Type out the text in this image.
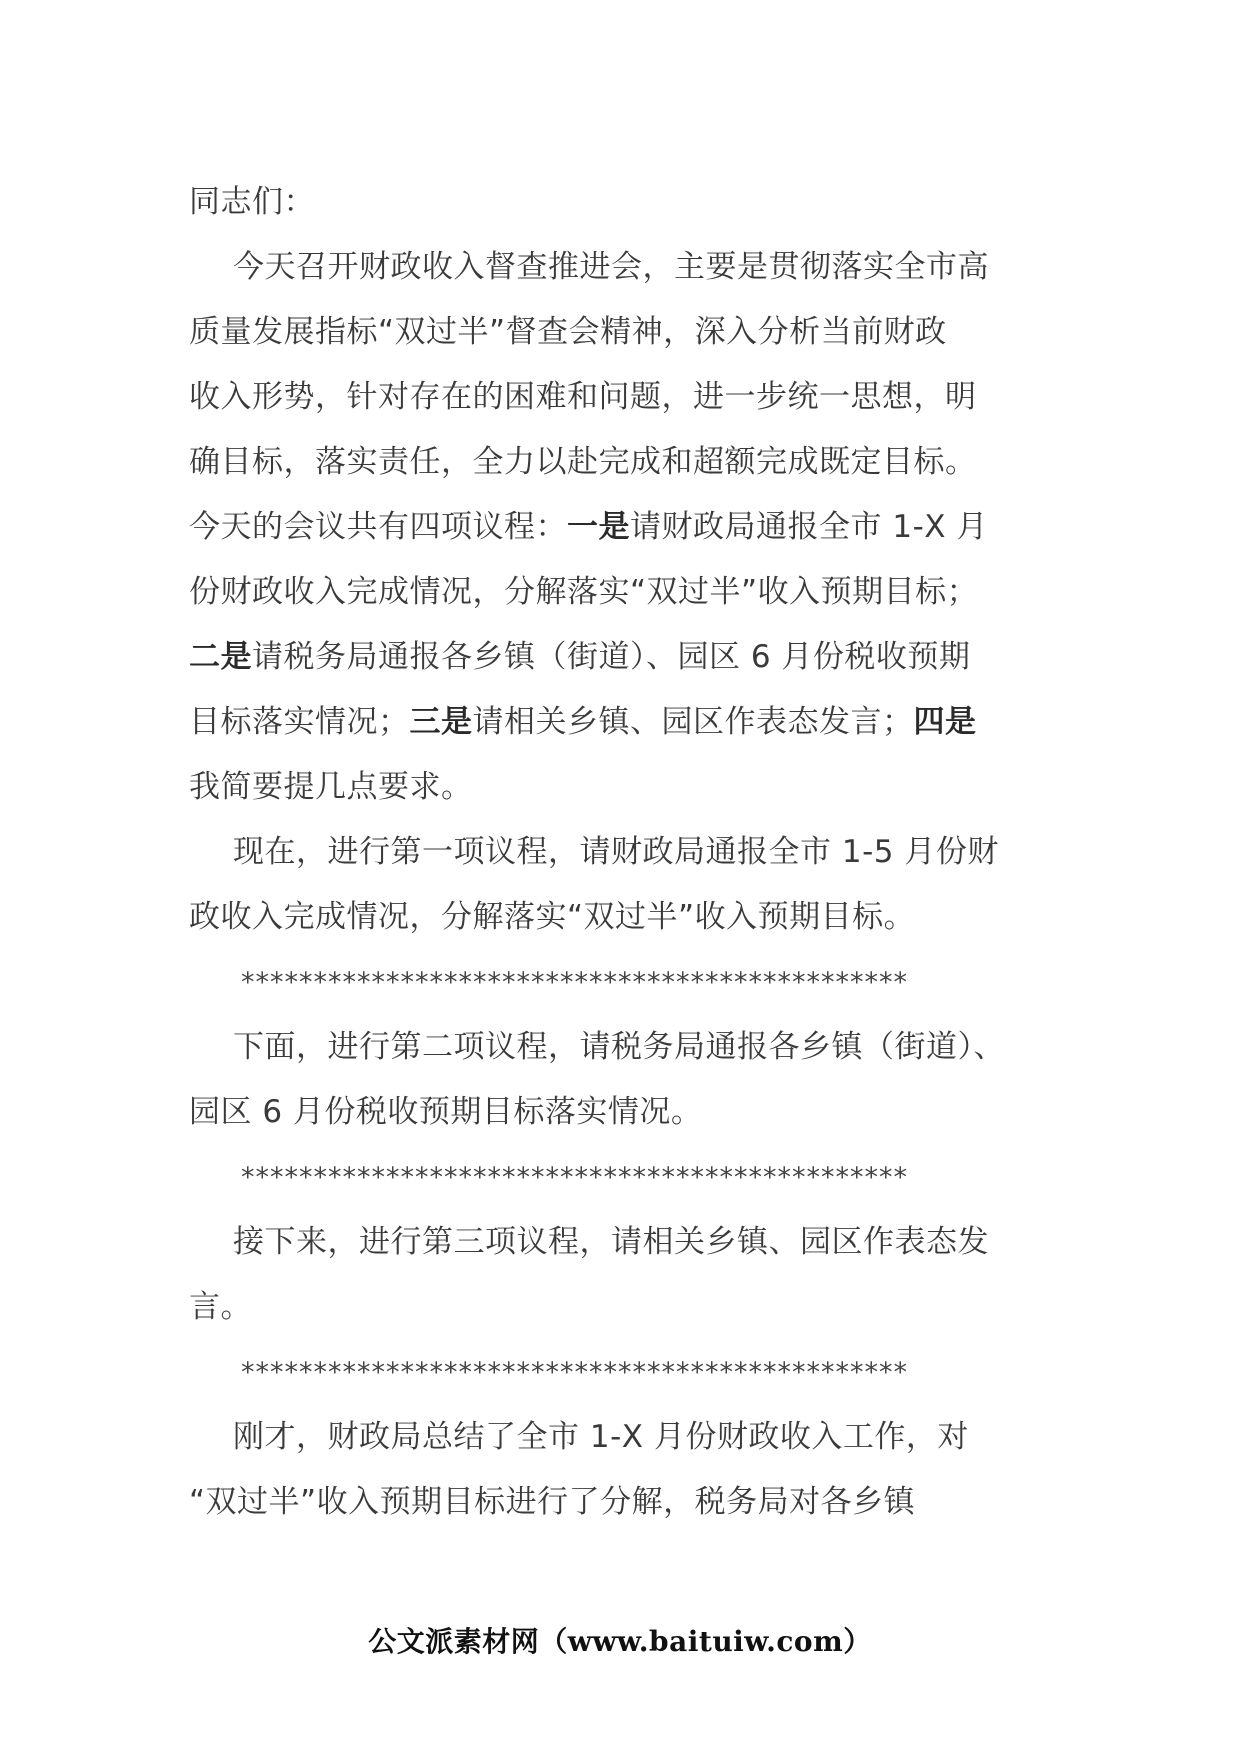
同志们：

今天召开财政收入督查推进会，主要是贯彻落实全市高

质量发展指标“双过半”督查会精神，深入分析当前财政

收入形势，针对存在的困难和问题，进一步统一思想，明

确目标，落实责任，全力以赴完成和超额完成既定目标。

今天的会议共有四项议程：一是请财政局通报全市 1-X 月

份财政收入完成情况，分解落实“双过半”收入预期目标；

二是请税务局通报各乡镇（街道）、园区 6 月份税收预期

目标落实情况；三是请相关乡镇、园区作表态发言；四是

我简要提几点要求。

现在，进行第一项议程，请财政局通报全市 1-5 月份财

政收入完成情况，分解落实“双过半”收入预期目标。

**********************************************

下面，进行第二项议程，请税务局通报各乡镇（街道）、

园区 6 月份税收预期目标落实情况。

**********************************************

接下来，进行第三项议程，请相关乡镇、园区作表态发

言。

**********************************************

刚才，财政局总结了全市 1-X 月份财政收入工作，对

“双过半”收入预期目标进行了分解，税务局对各乡镇

公文派素材网（www.baituiw.com）
